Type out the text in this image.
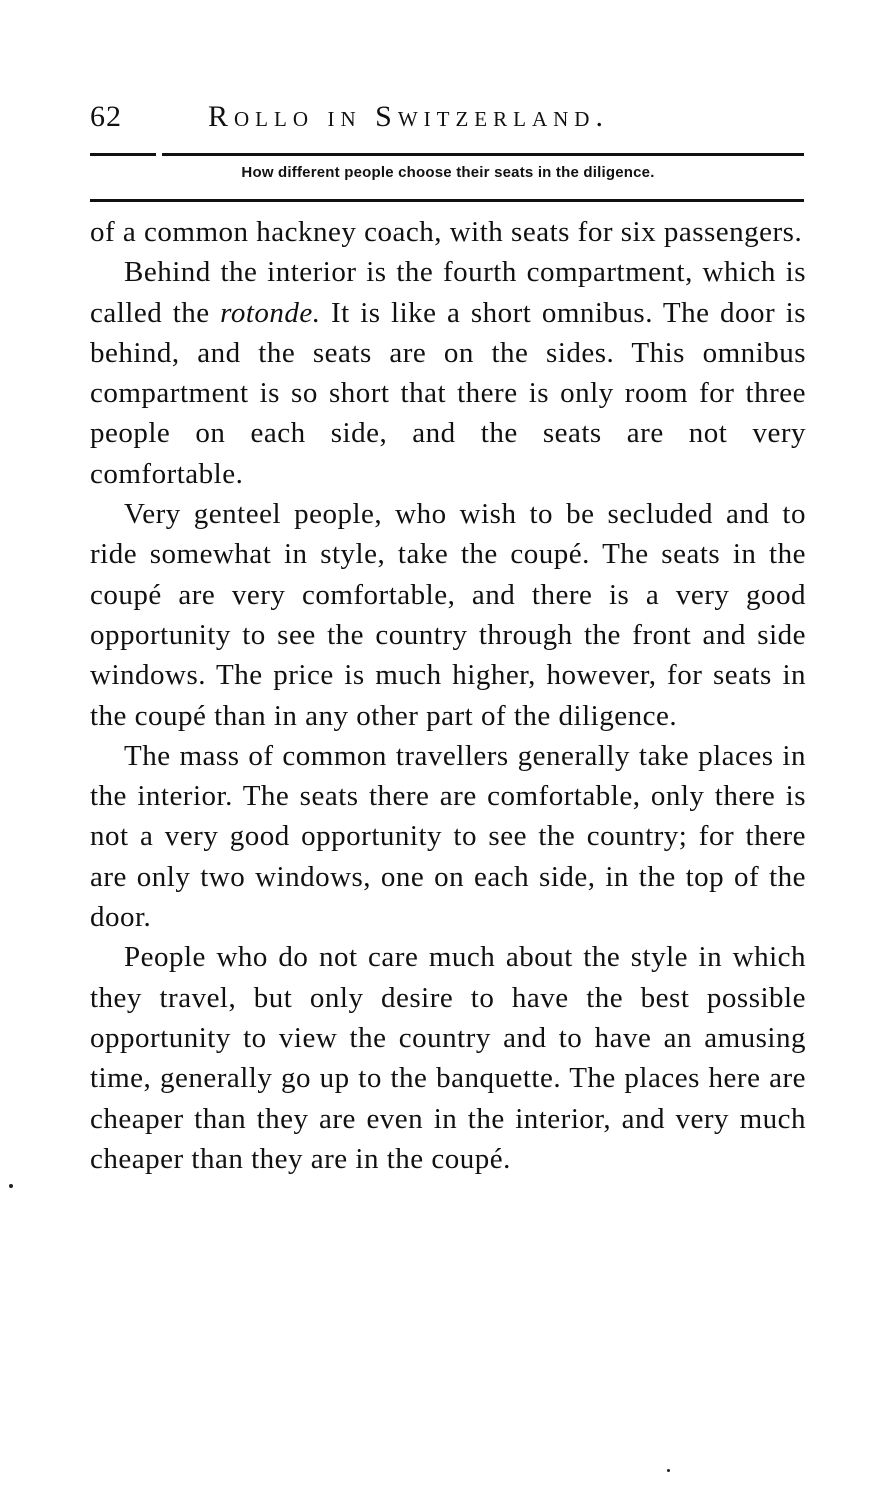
62	Rollo in Switzerland.
How different people choose their seats in the diligence.

of a common hackney coach, with seats for six passengers.

Behind the interior is the fourth compartment, which is called the rotonde. It is like a short omnibus. The door is behind, and the seats are on the sides. This omnibus compartment is so short that there is only room for three people on each side, and the seats are not very comfortable.

Very genteel people, who wish to be secluded and to ride somewhat in style, take the coupé. The seats in the coupé are very comfortable, and there is a very good opportunity to see the country through the front and side windows. The price is much higher, however, for seats in the coupé than in any other part of the diligence.

The mass of common travellers generally take places in the interior. The seats there are comfortable, only there is not a very good opportunity to see the country; for there are only two windows, one on each side, in the top of the door.

People who do not care much about the style in which they travel, but only desire to have the best possible opportunity to view the country and to have an amusing time, generally go up to the banquette. The places here are cheaper than they are even in the interior, and very much cheaper than they are in the coupé.
